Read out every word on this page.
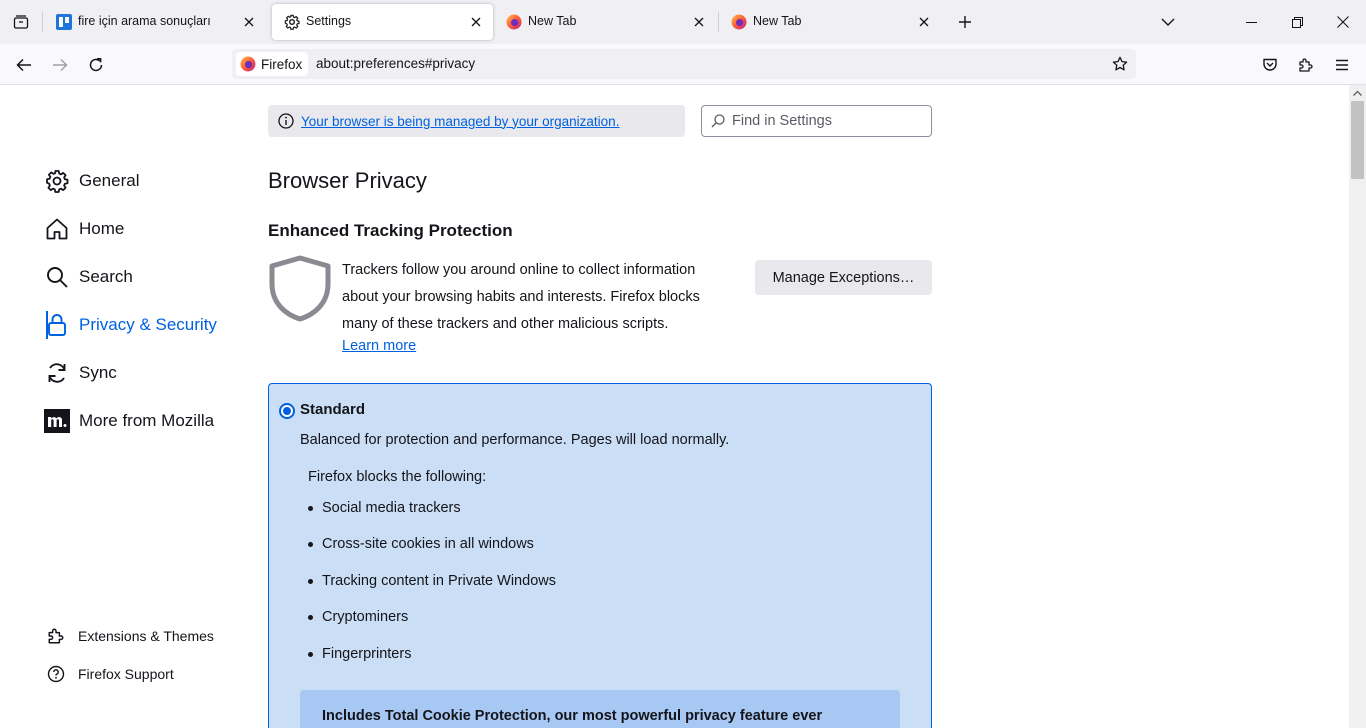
fire için arama sonuçları	Settings	New Tab	New Tab
Firefox about:preferences#privacy
General
Home
Search
Privacy & Security
Sync
More from Mozilla
Extensions & Themes
Firefox Support
Your browser is being managed by your organization.
Find in Settings
Browser Privacy
Enhanced Tracking Protection

Trackers follow you around online to collect information about your browsing habits and interests. Firefox blocks many of these trackers and other malicious scripts.

Learn more
Manage Exceptions…
Standard
Balanced for protection and performance. Pages will load normally.
Firefox blocks the following:
Social media trackers
Cross-site cookies in all windows
Tracking content in Private Windows
Cryptominers
Fingerprinters
Includes Total Cookie Protection, our most powerful privacy feature ever
